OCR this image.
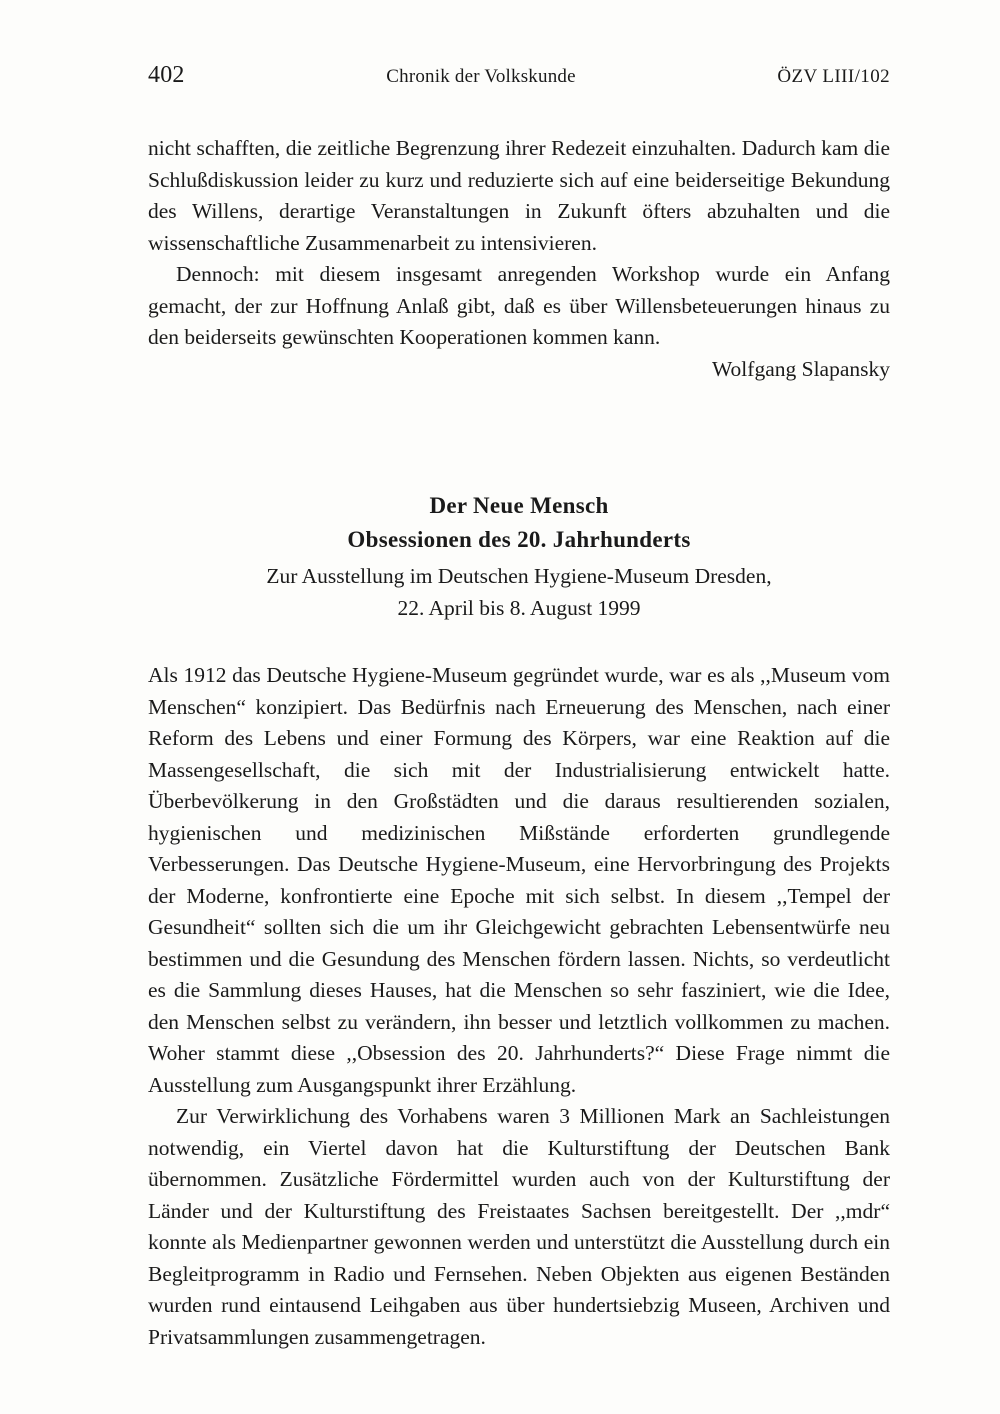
402	Chronik der Volkskunde	ÖZV LIII/102

nicht schafften, die zeitliche Begrenzung ihrer Redezeit einzuhalten. Dadurch kam die Schlußdiskussion leider zu kurz und reduzierte sich auf eine beiderseitige Bekundung des Willens, derartige Veranstaltungen in Zukunft öfters abzuhalten und die wissenschaftliche Zusammenarbeit zu intensivieren.

Dennoch: mit diesem insgesamt anregenden Workshop wurde ein Anfang gemacht, der zur Hoffnung Anlaß gibt, daß es über Willensbeteuerungen hinaus zu den beiderseits gewünschten Kooperationen kommen kann.

Wolfgang Slapansky

Der Neue Mensch
Obsessionen des 20. Jahrhunderts
Zur Ausstellung im Deutschen Hygiene-Museum Dresden,
22. April bis 8. August 1999

Als 1912 das Deutsche Hygiene-Museum gegründet wurde, war es als ,,Museum vom Menschen“ konzipiert. Das Bedürfnis nach Erneuerung des Menschen, nach einer Reform des Lebens und einer Formung des Körpers, war eine Reaktion auf die Massengesellschaft, die sich mit der Industrialisierung entwickelt hatte. Überbevölkerung in den Großstädten und die daraus resultierenden sozialen, hygienischen und medizinischen Mißstände erforderten grundlegende Verbesserungen. Das Deutsche Hygiene-Museum, eine Hervorbringung des Projekts der Moderne, konfrontierte eine Epoche mit sich selbst. In diesem ,,Tempel der Gesundheit“ sollten sich die um ihr Gleichgewicht gebrachten Lebensentwürfe neu bestimmen und die Gesundung des Menschen fördern lassen. Nichts, so verdeutlicht es die Sammlung dieses Hauses, hat die Menschen so sehr fasziniert, wie die Idee, den Menschen selbst zu verändern, ihn besser und letztlich vollkommen zu machen. Woher stammt diese ,,Obsession des 20. Jahrhunderts?“ Diese Frage nimmt die Ausstellung zum Ausgangspunkt ihrer Erzählung.

Zur Verwirklichung des Vorhabens waren 3 Millionen Mark an Sachleistungen notwendig, ein Viertel davon hat die Kulturstiftung der Deutschen Bank übernommen. Zusätzliche Fördermittel wurden auch von der Kulturstiftung der Länder und der Kulturstiftung des Freistaates Sachsen bereitgestellt. Der ,,mdr“ konnte als Medienpartner gewonnen werden und unterstützt die Ausstellung durch ein Begleitprogramm in Radio und Fernsehen. Neben Objekten aus eigenen Beständen wurden rund eintausend Leihgaben aus über hundertsiebzig Museen, Archiven und Privatsammlungen zusammengetragen.
